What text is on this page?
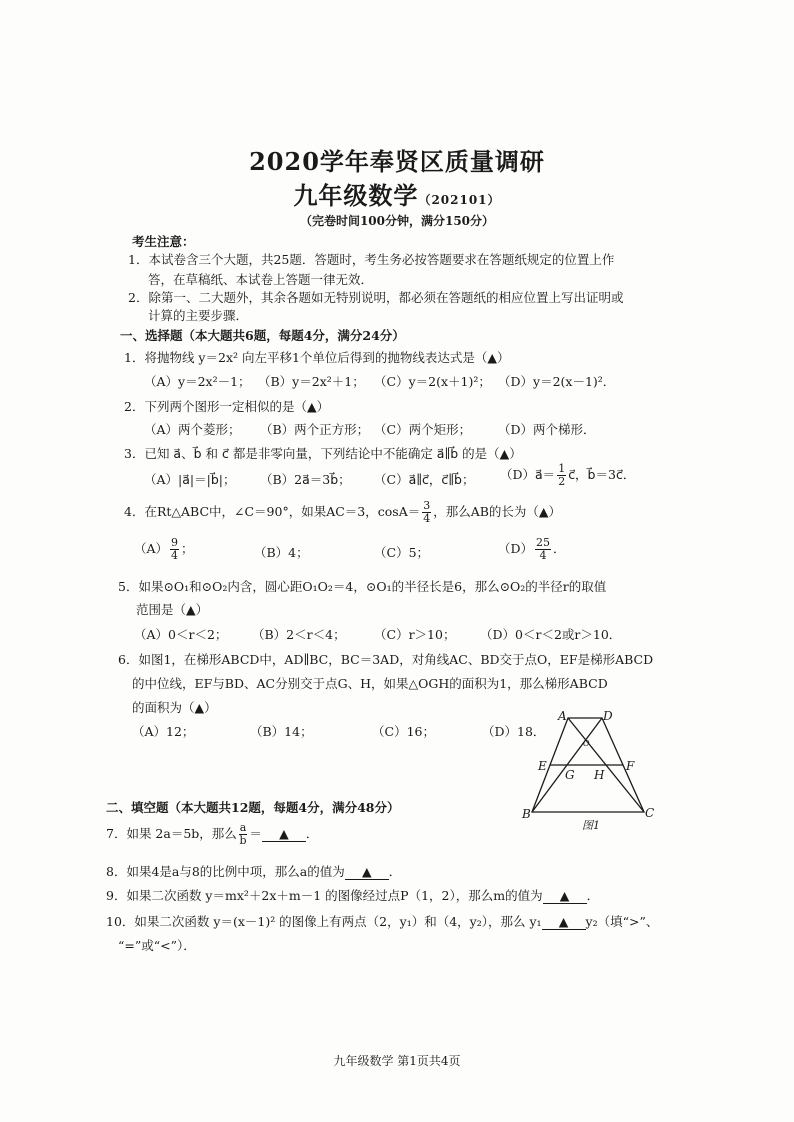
2020学年奉贤区质量调研
九年级数学（202101）
（完卷时间100分钟，满分150分）
考生注意：
1．本试卷含三个大题，共25题．答题时，考生务必按答题要求在答题纸规定的位置上作
答，在草稿纸、本试卷上答题一律无效．
2．除第一、二大题外，其余各题如无特别说明，都必须在答题纸的相应位置上写出证明或
计算的主要步骤．
一、选择题（本大题共6题，每题4分，满分24分）
1．将抛物线 y＝2x² 向左平移1个单位后得到的抛物线表达式是（▲）
（A）y＝2x²－1； （B）y＝2x²＋1； （C）y＝2(x＋1)²； （D）y＝2(x－1)²．
2．下列两个图形一定相似的是（▲）
（A）两个菱形； （B）两个正方形； （C）两个矩形； （D）两个梯形．
3．已知 a⃗、b⃗ 和 c⃗ 都是非零向量，下列结论中不能确定 a⃗∥b⃗ 的是（▲）
（A）|a⃗|＝|b⃗|； （B）2a⃗＝3b⃗； （C）a⃗∥c⃗，c⃗∥b⃗； （D）a⃗＝ $\frac{1}{2}$ c⃗，b⃗＝3c⃗．
4．在Rt△ABC中，∠C＝90°，如果AC＝3，$\cos A= \frac{3}{4}$ ，那么AB的长为（▲）
$(A) \frac{9}{4}$ ；	（B）4；	（C）5；	$(D) \frac{25}{4}$ ．
5．如果⊙O₁和⊙O₂内含，圆心距O₁O₂＝4，⊙O₁的半径长是6，那么⊙O₂的半径r的取值
范围是（▲）
（A）0＜r＜2； （B）2＜r＜4； （C）r＞10； （D）0＜r＜2或r＞10．
6．如图1，在梯形ABCD中，AD∥BC，BC＝3AD，对角线AC、BD交于点O，EF是梯形ABCD
的中位线，EF与BD、AC分别交于点G、H，如果△OGH的面积为1，那么梯形ABCD
的面积为（▲）
（A）12；	（B）14；	（C）16；	（D）18．
A	D
E	F
G H
O
B	C
图1
二、填空题（本大题共12题，每题4分，满分48分）
7．如果 2a＝5b，那么 $\frac{a}{b}$ ＝ ▲ ．
8．如果4是a与8的比例中项，那么a的值为 ▲ ．
9．如果二次函数 y＝mx²＋2x＋m－1 的图像经过点P（1，2），那么m的值为 ▲ ．
10．如果二次函数 y＝(x－1)² 的图像上有两点（2，y₁）和（4，y₂），那么 y₁ ▲ y₂（填“>”、
“=”或“<”）．
九年级数学 第1页共4页
